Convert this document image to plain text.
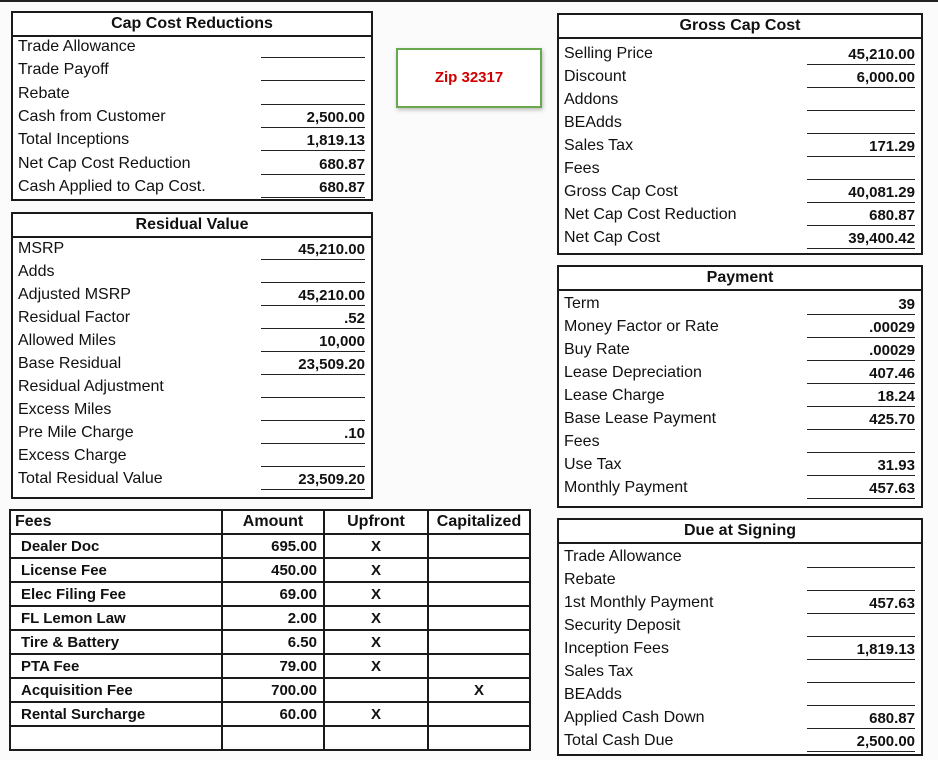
Cap Cost Reductions
Trade Allowance
Trade Payoff
Rebate
Cash from Customer	2,500.00
Total Inceptions	1,819.13
Net Cap Cost Reduction	680.87
Cash Applied to Cap Cost.	680.87
Zip 32317
Residual Value
MSRP	45,210.00
Adds
Adjusted MSRP	45,210.00
Residual Factor	.52
Allowed Miles	10,000
Base Residual	23,509.20
Residual Adjustment
Excess Miles
Pre Mile Charge	.10
Excess Charge
Total Residual Value	23,509.20
Gross Cap Cost
Selling Price	45,210.00
Discount	6,000.00
Addons
BEAdds
Sales Tax	171.29
Fees
Gross Cap Cost	40,081.29
Net Cap Cost Reduction	680.87
Net Cap Cost	39,400.42
Payment
Term	39
Money Factor or Rate	.00029
Buy Rate	.00029
Lease Depreciation	407.46
Lease Charge	18.24
Base Lease Payment	425.70
Fees
Use Tax	31.93
Monthly Payment	457.63
Due at Signing
Trade Allowance
Rebate
1st Monthly Payment	457.63
Security Deposit
Inception Fees	1,819.13
Sales Tax
BEAdds
Applied Cash Down	680.87
Total Cash Due	2,500.00
Fees	Amount	Upfront	Capitalized
Dealer Doc	695.00	X	
License Fee	450.00	X	
Elec Filing Fee	69.00	X	
FL Lemon Law	2.00	X	
Tire & Battery	6.50	X	
PTA Fee	79.00	X	
Acquisition Fee	700.00		X
Rental Surcharge	60.00	X	
